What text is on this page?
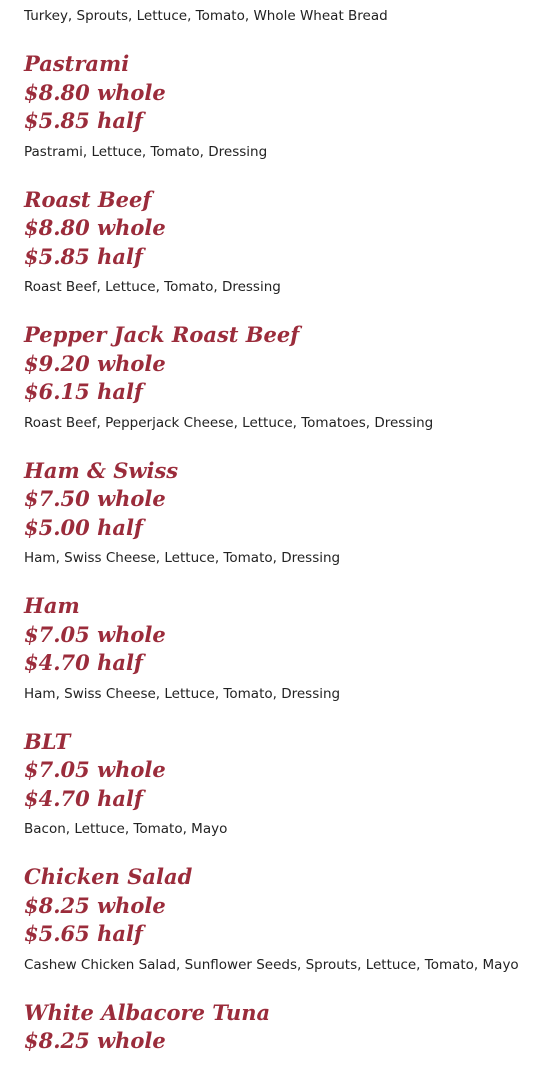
Turkey, Sprouts, Lettuce, Tomato, Whole Wheat Bread
Pastrami
$8.80 whole
$5.85 half
Pastrami, Lettuce, Tomato, Dressing
Roast Beef
$8.80 whole
$5.85 half
Roast Beef, Lettuce, Tomato, Dressing
Pepper Jack Roast Beef
$9.20 whole
$6.15 half
Roast Beef, Pepperjack Cheese, Lettuce, Tomatoes, Dressing
Ham & Swiss
$7.50 whole
$5.00 half
Ham, Swiss Cheese, Lettuce, Tomato, Dressing
Ham
$7.05 whole
$4.70 half
Ham, Swiss Cheese, Lettuce, Tomato, Dressing
BLT
$7.05 whole
$4.70 half
Bacon, Lettuce, Tomato, Mayo
Chicken Salad
$8.25 whole
$5.65 half
Cashew Chicken Salad, Sunflower Seeds, Sprouts, Lettuce, Tomato, Mayo
White Albacore Tuna
$8.25 whole
